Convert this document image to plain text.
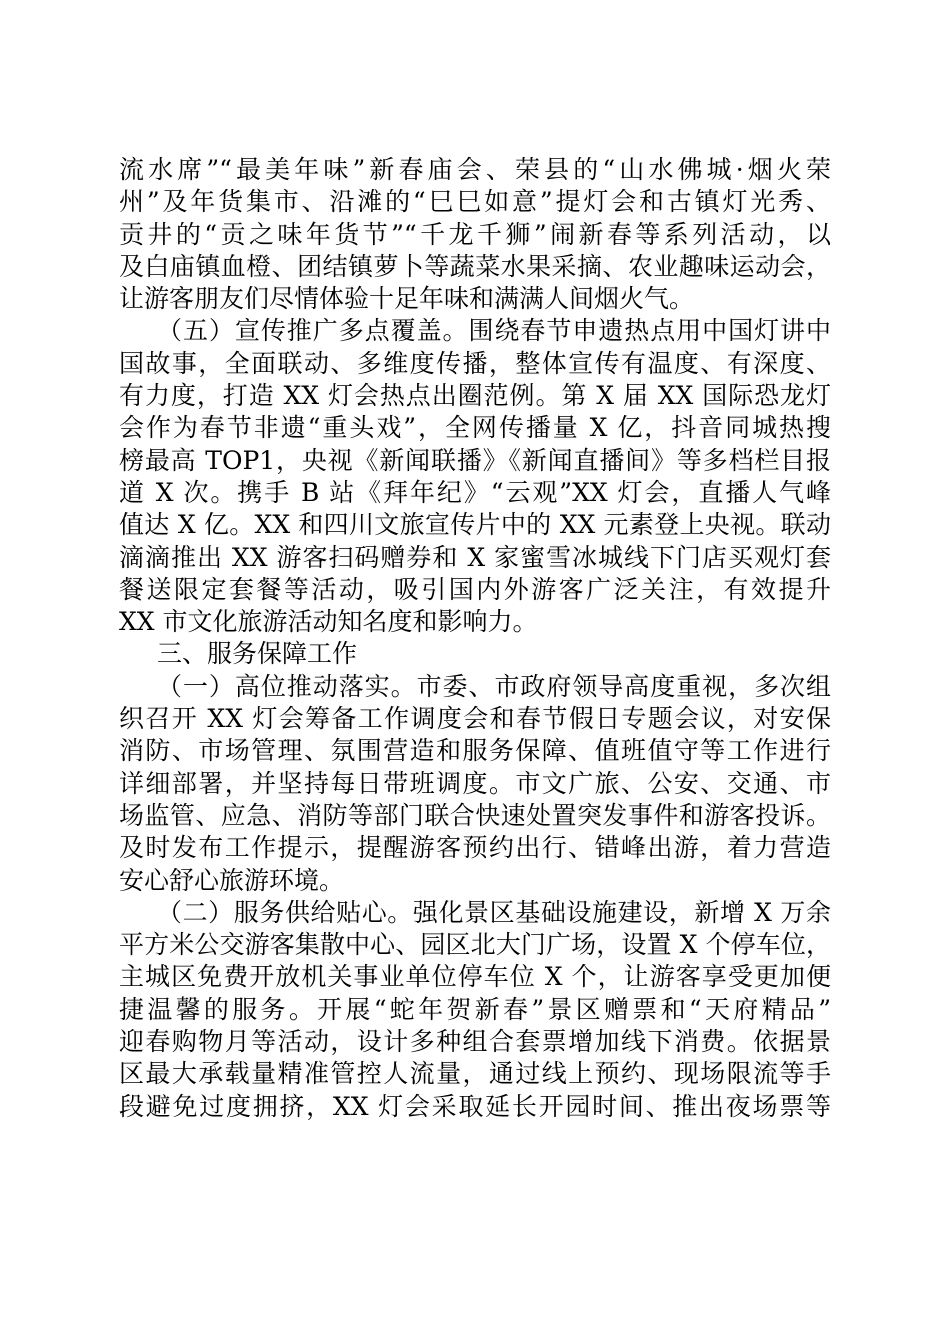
流水席”“最美年味”新春庙会、荣县的“山水佛城·烟火荣
州”及年货集市、沿滩的“巳巳如意”提灯会和古镇灯光秀、
贡井的“贡之味年货节”“千龙千狮”闹新春等系列活动，以
及白庙镇血橙、团结镇萝卜等蔬菜水果采摘、农业趣味运动会，
让游客朋友们尽情体验十足年味和满满人间烟火气。
（五）宣传推广多点覆盖。围绕春节申遗热点用中国灯讲中
国故事，全面联动、多维度传播，整体宣传有温度、有深度、
有力度，打造 XX 灯会热点出圈范例。第 X 届 XX 国际恐龙灯
会作为春节非遗“重头戏”，全网传播量 X 亿，抖音同城热搜
榜最高 TOP1，央视《新闻联播》《新闻直播间》等多档栏目报
道 X 次。携手 B 站《拜年纪》“云观”XX 灯会，直播人气峰
值达 X 亿。XX 和四川文旅宣传片中的 XX 元素登上央视。联动
滴滴推出 XX 游客扫码赠券和 X 家蜜雪冰城线下门店买观灯套
餐送限定套餐等活动，吸引国内外游客广泛关注，有效提升
XX 市文化旅游活动知名度和影响力。
三、服务保障工作
（一）高位推动落实。市委、市政府领导高度重视，多次组
织召开 XX 灯会筹备工作调度会和春节假日专题会议，对安保
消防、市场管理、氛围营造和服务保障、值班值守等工作进行
详细部署，并坚持每日带班调度。市文广旅、公安、交通、市
场监管、应急、消防等部门联合快速处置突发事件和游客投诉。
及时发布工作提示，提醒游客预约出行、错峰出游，着力营造
安心舒心旅游环境。
（二）服务供给贴心。强化景区基础设施建设，新增 X 万余
平方米公交游客集散中心、园区北大门广场，设置 X 个停车位，
主城区免费开放机关事业单位停车位 X 个，让游客享受更加便
捷温馨的服务。开展“蛇年贺新春”景区赠票和“天府精品”
迎春购物月等活动，设计多种组合套票增加线下消费。依据景
区最大承载量精准管控人流量，通过线上预约、现场限流等手
段避免过度拥挤，XX 灯会采取延长开园时间、推出夜场票等
